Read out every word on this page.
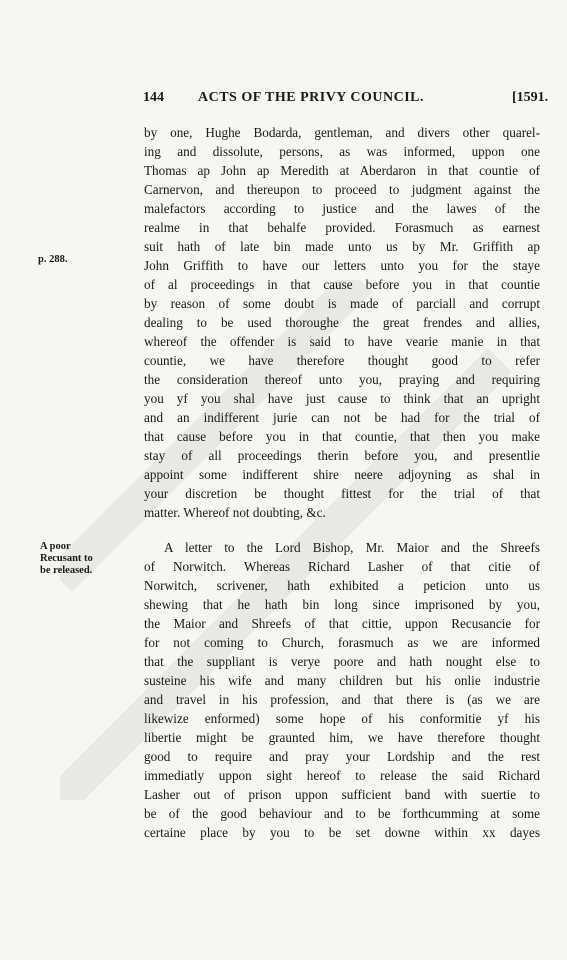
144 ACTS OF THE PRIVY COUNCIL.	[1591.
p. 288.
A poor
Recusant to
be released.
by one, Hughe Bodarda, gentleman, and divers other quarel-
ing and dissolute, persons, as was informed, uppon one
Thomas ap John ap Meredith at Aberdaron in that countie of
Carnervon, and thereupon to proceed to judgment against the
malefactors according to justice and the lawes of the
realme in that behalfe provided. Forasmuch as earnest
suit hath of late bin made unto us by Mr. Griffith ap
John Griffith to have our letters unto you for the staye
of al proceedings in that cause before you in that countie
by reason of some doubt is made of parciall and corrupt
dealing to be used thoroughe the great frendes and allies,
whereof the offender is said to have vearie manie in that
countie, we have therefore thought good to refer
the consideration thereof unto you, praying and requiring
you yf you shal have just cause to think that an upright
and an indifferent jurie can not be had for the trial of
that cause before you in that countie, that then you make
stay of all proceedings therin before you, and presentlie
appoint some indifferent shire neere adjoyning as shal in
your discretion be thought fittest for the trial of that
matter. Whereof not doubting, &c.
A letter to the Lord Bishop, Mr. Maior and the Shreefs
of Norwitch. Whereas Richard Lasher of that citie of
Norwitch, scrivener, hath exhibited a peticion unto us
shewing that he hath bin long since imprisoned by you,
the Maior and Shreefs of that cittie, uppon Recusancie for
for not coming to Church, forasmuch as we are informed
that the suppliant is verye poore and hath nought else to
susteine his wife and many children but his onlie industrie
and travel in his profession, and that there is (as we are
likewize enformed) some hope of his conformitie yf his
libertie might be graunted him, we have therefore thought
good to require and pray your Lordship and the rest
immediatly uppon sight hereof to release the said Richard
Lasher out of prison uppon sufficient band with suertie to
be of the good behaviour and to be forthcumming at some
certaine place by you to be set downe within xx dayes
